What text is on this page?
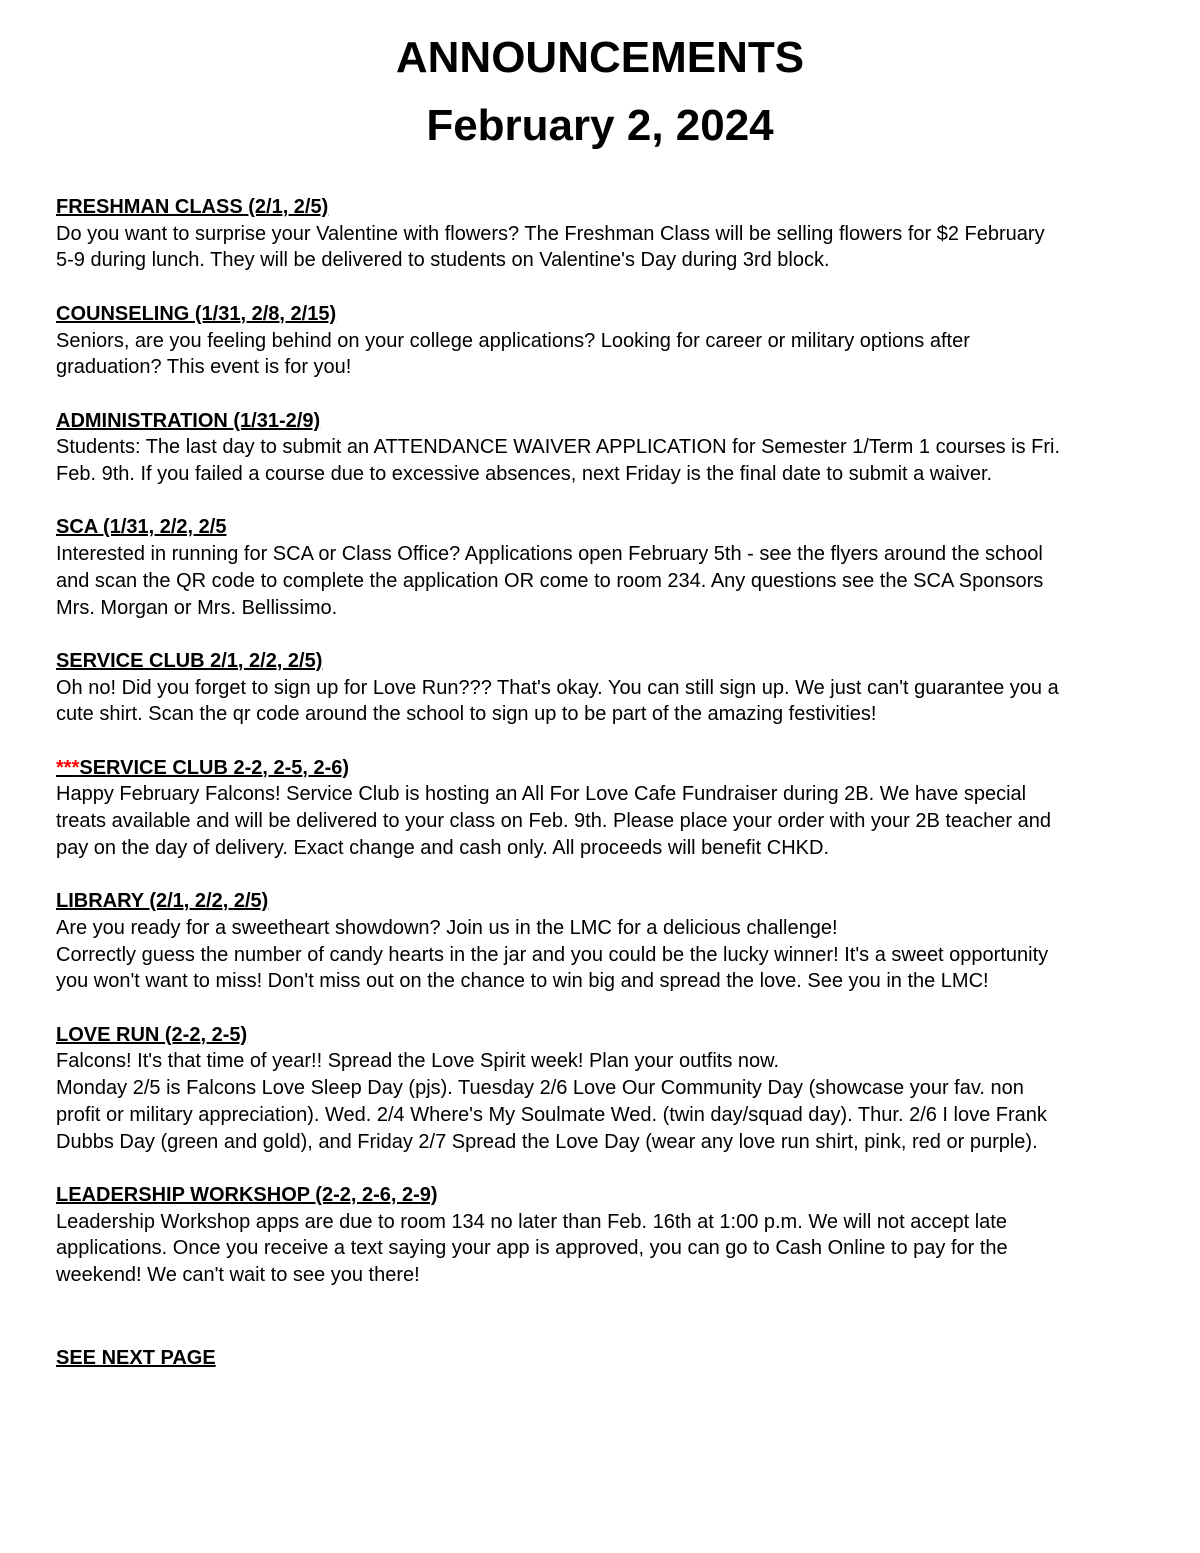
ANNOUNCEMENTS
February 2, 2024
FRESHMAN CLASS (2/1, 2/5)
Do you want to surprise your Valentine with flowers? The Freshman Class will be selling flowers for $2 February
5-9 during lunch. They will be delivered to students on Valentine's Day during 3rd block.
COUNSELING (1/31, 2/8, 2/15)
Seniors, are you feeling behind on your college applications? Looking for career or military options after
graduation? This event is for you!
ADMINISTRATION (1/31-2/9)
Students: The last day to submit an ATTENDANCE WAIVER APPLICATION for Semester 1/Term 1 courses is Fri.
Feb. 9th. If you failed a course due to excessive absences, next Friday is the final date to submit a waiver.
SCA (1/31, 2/2, 2/5
Interested in running for SCA or Class Office? Applications open February 5th - see the flyers around the school
and scan the QR code to complete the application OR come to room 234. Any questions see the SCA Sponsors
Mrs. Morgan or Mrs. Bellissimo.
SERVICE CLUB 2/1, 2/2, 2/5)
Oh no! Did you forget to sign up for Love Run??? That's okay. You can still sign up. We just can't guarantee you a
cute shirt. Scan the qr code around the school to sign up to be part of the amazing festivities!
***SERVICE CLUB 2-2, 2-5, 2-6)
Happy February Falcons! Service Club is hosting an All For Love Cafe Fundraiser during 2B. We have special
treats available and will be delivered to your class on Feb. 9th. Please place your order with your 2B teacher and
pay on the day of delivery. Exact change and cash only. All proceeds will benefit CHKD.
LIBRARY (2/1, 2/2, 2/5)
Are you ready for a sweetheart showdown? Join us in the LMC for a delicious challenge!
Correctly guess the number of candy hearts in the jar and you could be the lucky winner! It's a sweet opportunity
you won't want to miss! Don't miss out on the chance to win big and spread the love. See you in the LMC!
LOVE RUN (2-2, 2-5)
Falcons! It's that time of year!! Spread the Love Spirit week! Plan your outfits now.
Monday 2/5 is Falcons Love Sleep Day (pjs). Tuesday 2/6 Love Our Community Day (showcase your fav. non
profit or military appreciation). Wed. 2/4 Where's My Soulmate Wed. (twin day/squad day). Thur. 2/6 I love Frank
Dubbs Day (green and gold), and Friday 2/7 Spread the Love Day (wear any love run shirt, pink, red or purple).
LEADERSHIP WORKSHOP (2-2, 2-6, 2-9)
Leadership Workshop apps are due to room 134 no later than Feb. 16th at 1:00 p.m. We will not accept late
applications. Once you receive a text saying your app is approved, you can go to Cash Online to pay for the
weekend! We can't wait to see you there!
SEE NEXT PAGE
